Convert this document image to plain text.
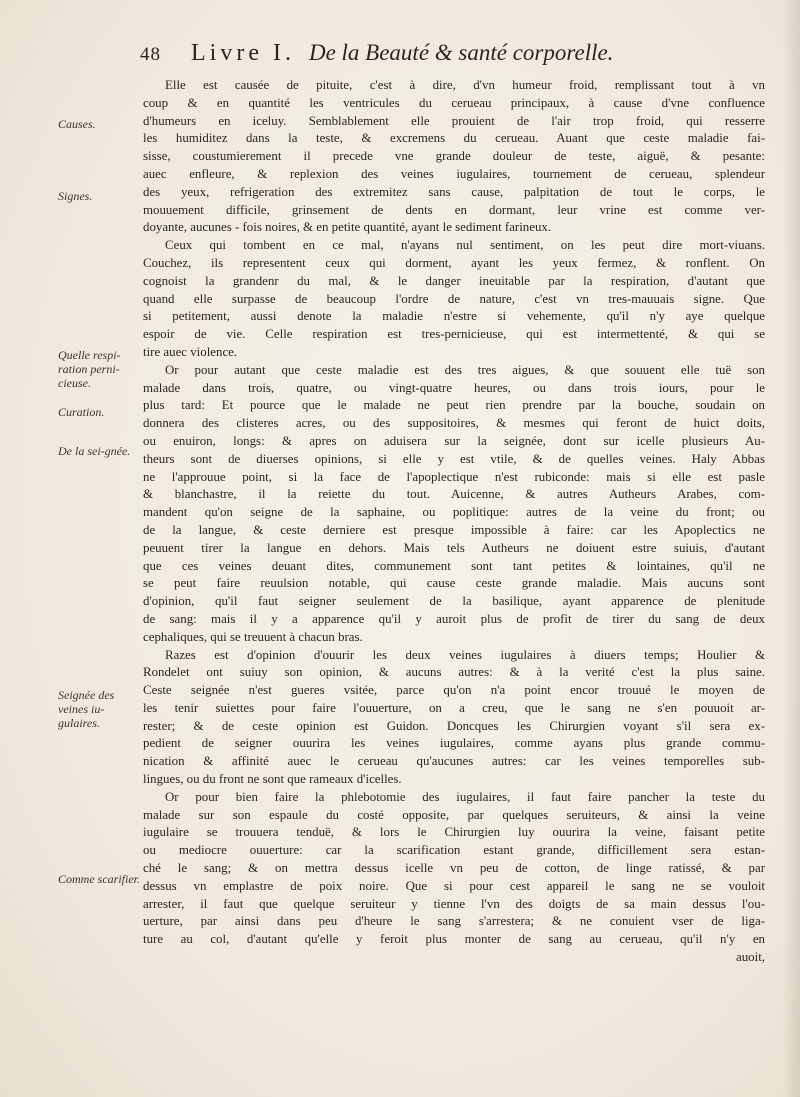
48 Livre I. De la Beauté & santé corporelle.
Causes.
Signes.
Quelle respi-ration perni-cieuse.
Curation.
De la sei-gnée.
Seignée des veines iu-gulaires.
Comme scarifier.
Elle est causée de pituite, c'est à dire, d'vn humeur froid, remplissant tout à vn
coup & en quantité les ventricules du cerueau principaux, à cause d'vne confluence
d'humeurs en iceluy. Semblablement elle prouient de l'air trop froid, qui resserre
les humiditez dans la teste, & excremens du cerueau. Auant que ceste maladie fai-
sisse, coustumierement il precede vne grande douleur de teste, aiguë, & pesante:
auec enfleure, & replexion des veines iugulaires, tournement de cerueau, splendeur
des yeux, refrigeration des extremitez sans cause, palpitation de tout le corps, le
mouuement difficile, grinsement de dents en dormant, leur vrine est comme ver-
doyante, aucunes - fois noires, & en petite quantité, ayant le sediment farineux.
Ceux qui tombent en ce mal, n'ayans nul sentiment, on les peut dire mort-viuans.
Couchez, ils representent ceux qui dorment, ayant les yeux fermez, & ronflent. On
cognoist la grandenr du mal, & le danger ineuitable par la respiration, d'autant que
quand elle surpasse de beaucoup l'ordre de nature, c'est vn tres-mauuais signe. Que
si petitement, aussi denote la maladie n'estre si vehemente, qu'il n'y aye quelque
espoir de vie. Celle respiration est tres-pernicieuse, qui est intermettenté, & qui se
tire auec violence.
Or pour autant que ceste maladie est des tres aigues, & que souuent elle tuë son
malade dans trois, quatre, ou vingt-quatre heures, ou dans trois iours, pour le
plus tard: Et pource que le malade ne peut rien prendre par la bouche, soudain on
donnera des clisteres acres, ou des suppositoires, & mesmes qui feront de huict doits,
ou enuiron, longs: & apres on aduisera sur la seignée, dont sur icelle plusieurs Au-
theurs sont de diuerses opinions, si elle y est vtile, & de quelles veines. Haly Abbas
ne l'approuue point, si la face de l'apoplectique n'est rubiconde: mais si elle est pasle
& blanchastre, il la reiette du tout. Auicenne, & autres Autheurs Arabes, com-
mandent qu'on seigne de la saphaine, ou poplitique: autres de la veine du front; ou
de la langue, & ceste derniere est presque impossible à faire: car les Apoplectics ne
peuuent tirer la langue en dehors. Mais tels Autheurs ne doiuent estre suiuis, d'autant
que ces veines deuant dites, communement sont tant petites & lointaines, qu'il ne
se peut faire reuulsion notable, qui cause ceste grande maladie. Mais aucuns sont
d'opinion, qu'il faut seigner seulement de la basilique, ayant apparence de plenitude
de sang: mais il y a apparence qu'il y auroit plus de profit de tirer du sang de deux
cephaliques, qui se treuuent à chacun bras.
Razes est d'opinion d'ouurir les deux veines iugulaires à diuers temps; Houlier &
Rondelet ont suiuy son opinion, & aucuns autres: & à la verité c'est la plus saine.
Ceste seignée n'est gueres vsitée, parce qu'on n'a point encor trouué le moyen de
les tenir suiettes pour faire l'ouuerture, on a creu, que le sang ne s'en pouuoit ar-
rester; & de ceste opinion est Guidon. Doncques les Chirurgien voyant s'il sera ex-
pedient de seigner ouurira les veines iugulaires, comme ayans plus grande commu-
nication & affinité auec le cerueau qu'aucunes autres: car les veines temporelles sub-
lingues, ou du front ne sont que rameaux d'icelles.
Or pour bien faire la phlebotomie des iugulaires, il faut faire pancher la teste du
malade sur son espaule du costé opposite, par quelques seruiteurs, & ainsi la veine
iugulaire se trouuera tenduë, & lors le Chirurgien luy ouurira la veine, faisant petite
ou mediocre ouuerture: car la scarification estant grande, difficillement sera estan-
ché le sang; & on mettra dessus icelle vn peu de cotton, de linge ratissé, & par
dessus vn emplastre de poix noire. Que si pour cest appareil le sang ne se vouloit
arrester, il faut que quelque seruiteur y tienne l'vn des doigts de sa main dessus l'ou-
uerture, par ainsi dans peu d'heure le sang s'arrestera; & ne conuient vser de liga-
ture au col, d'autant qu'elle y feroit plus monter de sang au cerueau, qu'il n'y en
auoit,
